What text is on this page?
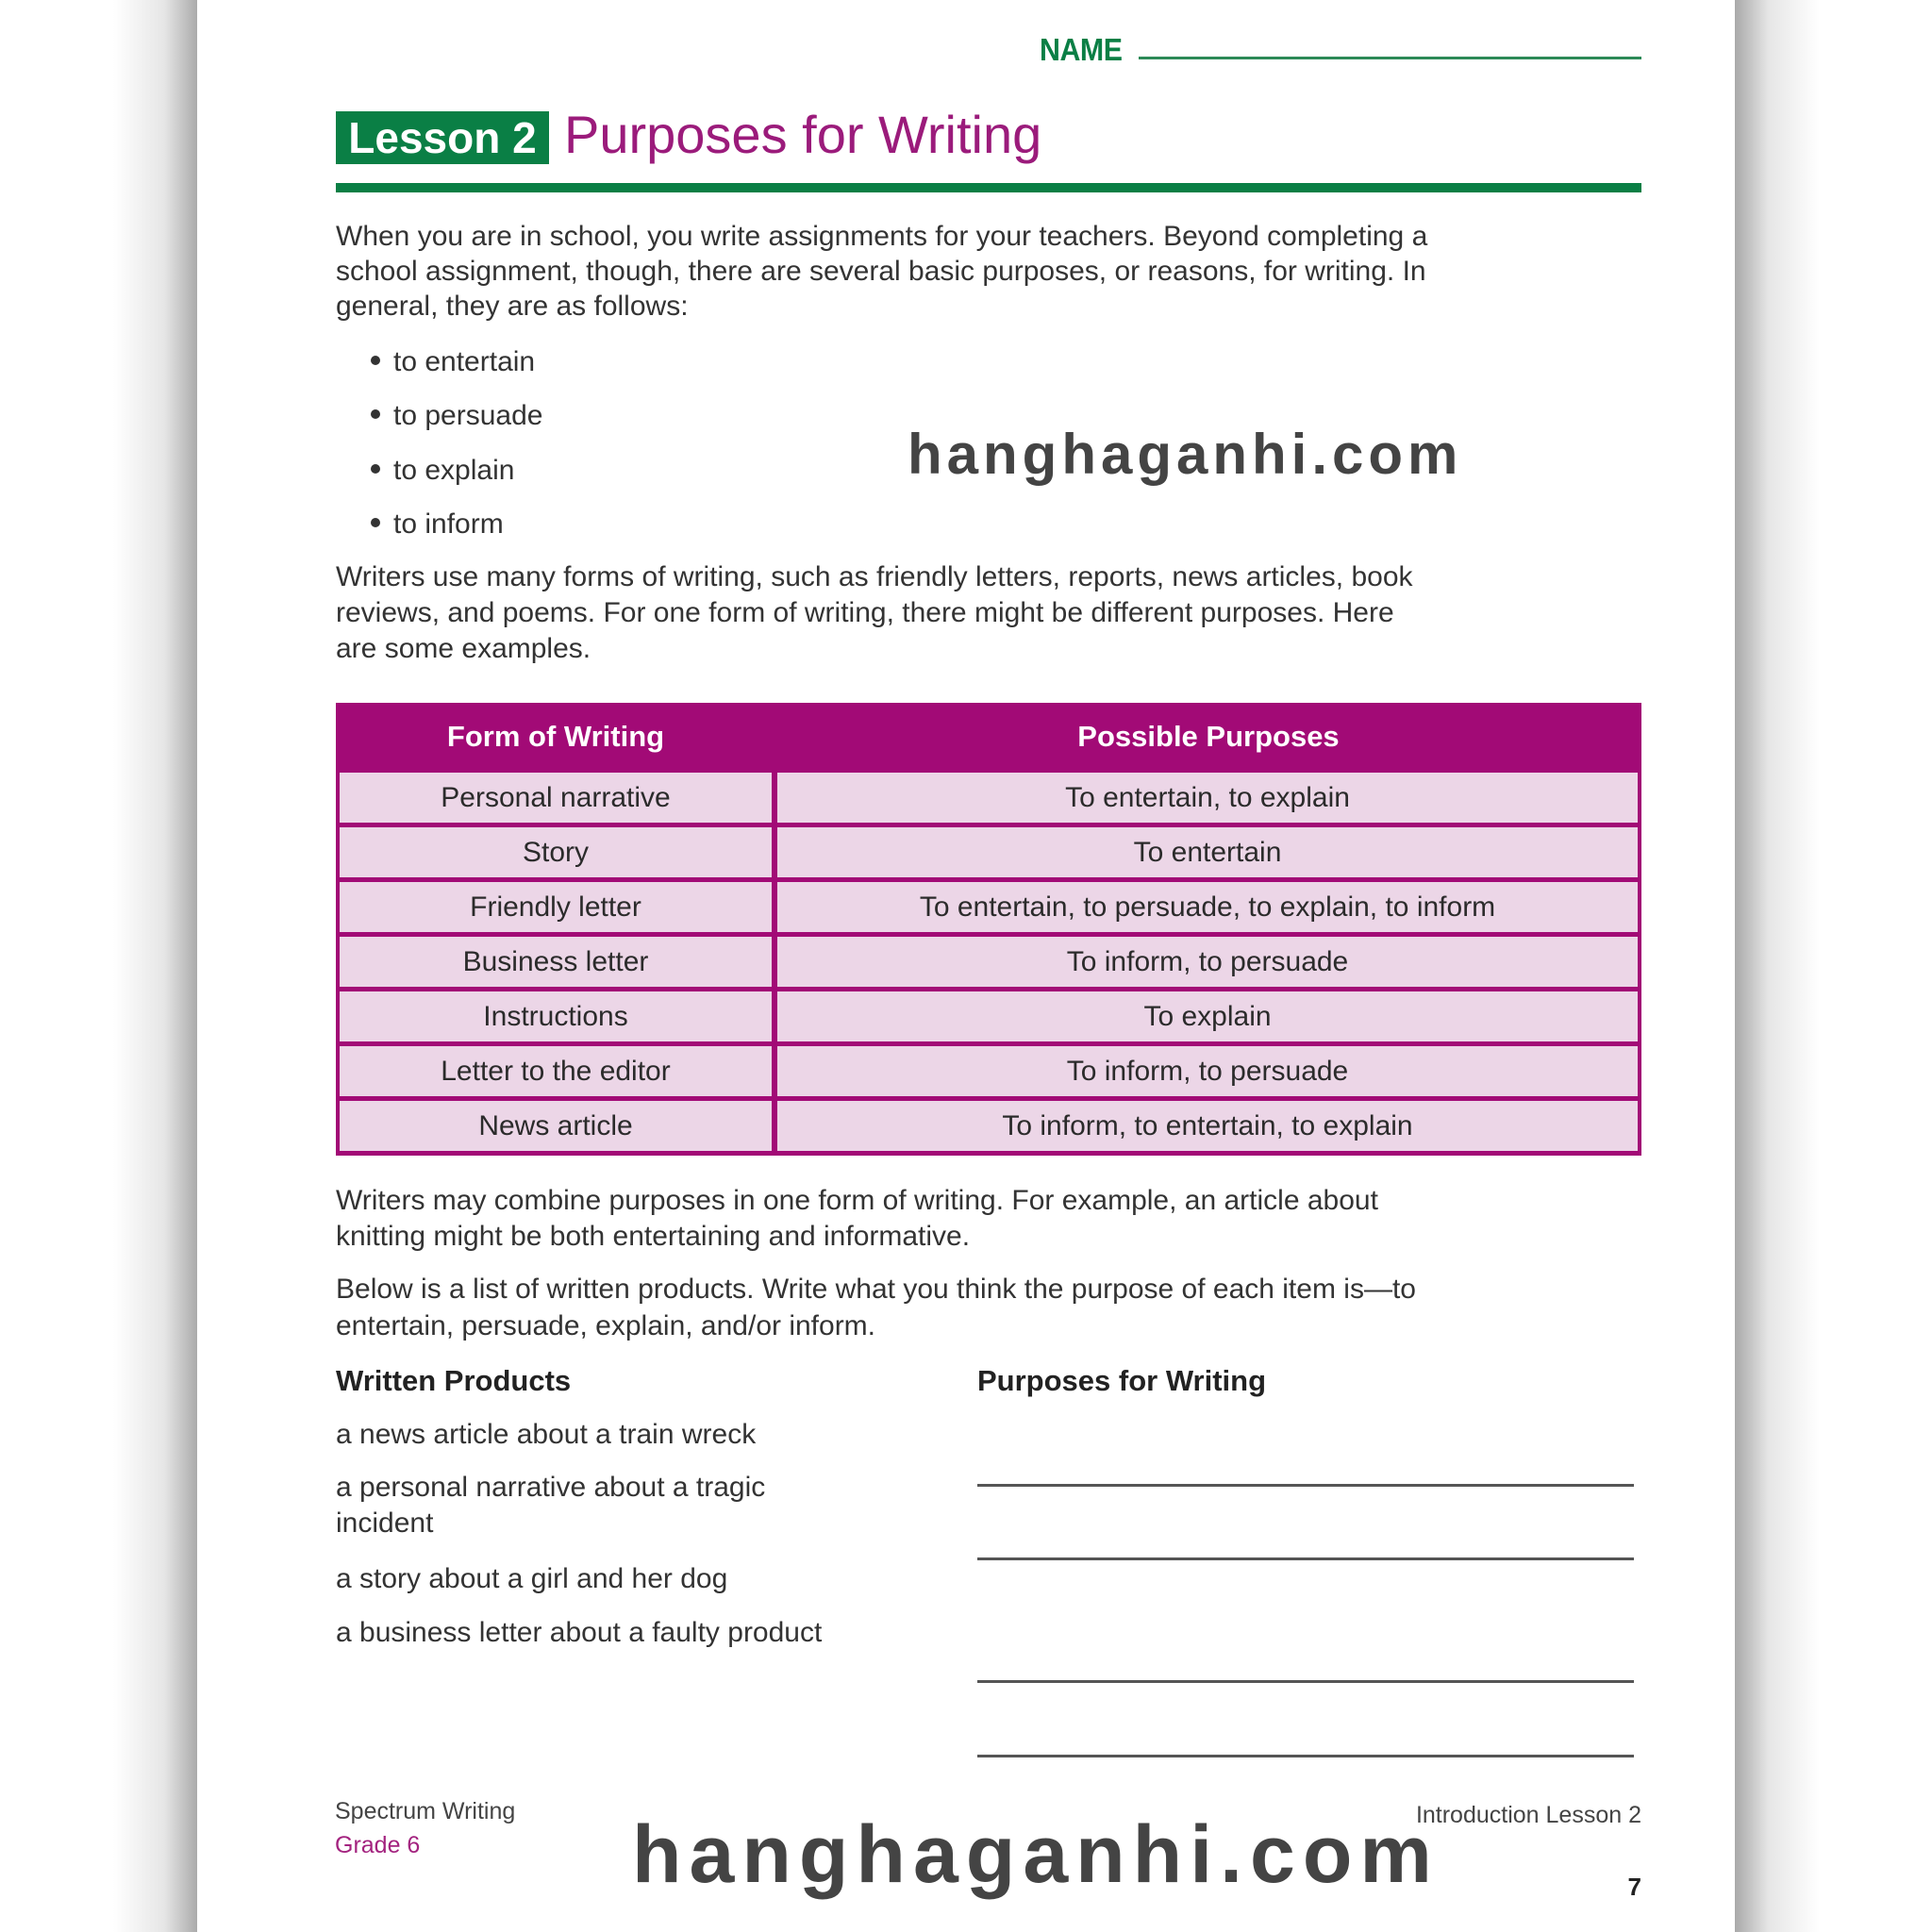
NAME
Lesson 2 Purposes for Writing
When you are in school, you write assignments for your teachers. Beyond completing a
school assignment, though, there are several basic purposes, or reasons, for writing. In
general, they are as follows:
to entertain
to persuade
to explain
to inform
hanghaganhi.com
Writers use many forms of writing, such as friendly letters, reports, news articles, book
reviews, and poems. For one form of writing, there might be different purposes. Here
are some examples.
Form of Writing	Possible Purposes
Personal narrative	To entertain, to explain
Story	To entertain
Friendly letter	To entertain, to persuade, to explain, to inform
Business letter	To inform, to persuade
Instructions	To explain
Letter to the editor	To inform, to persuade
News article	To inform, to entertain, to explain
Writers may combine purposes in one form of writing. For example, an article about
knitting might be both entertaining and informative.
Below is a list of written products. Write what you think the purpose of each item is—to
entertain, persuade, explain, and/or inform.
Written Products	Purposes for Writing
a news article about a train wreck
a personal narrative about a tragic
incident
a story about a girl and her dog
a business letter about a faulty product
Spectrum Writing
Grade 6
Introduction Lesson 2
7
hanghaganhi.com
